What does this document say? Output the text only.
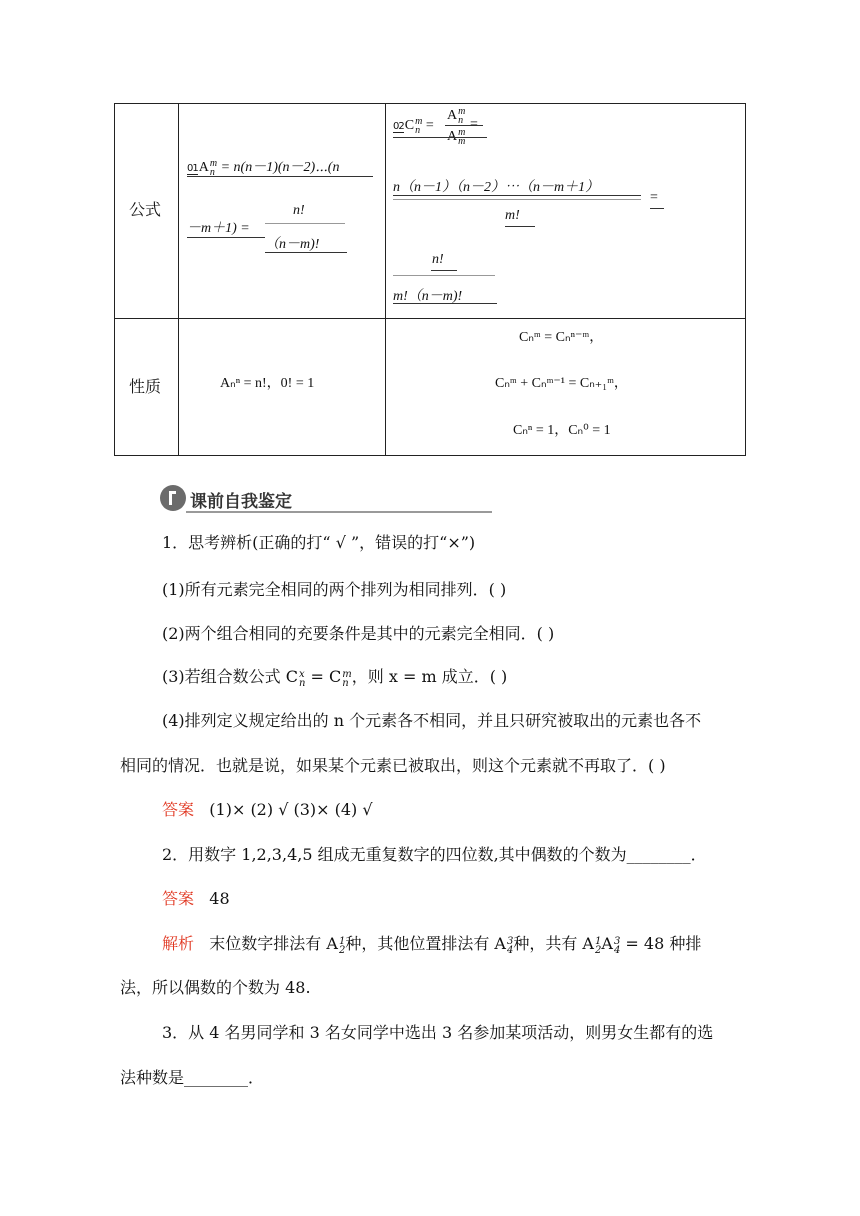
公式
性质
01A m
n = n(n－1)(n－2)⋯(n
－m＋1) =
n!
（n－m)!
02C m
n =
A m
n
A m
m
=
n（n－1）（n－2）⋯（n－m＋1）
=
m!
n!
m!（n－m)!
Aₙⁿ = n!，0! = 1
Cₙᵐ = Cₙⁿ⁻ᵐ，
Cₙᵐ + Cₙᵐ⁻¹ = Cₙ₊₁ᵐ，
Cₙⁿ = 1，Cₙ⁰ = 1
课前自我鉴定
1．思考辨析(正确的打“ √ ”，错误的打“×”)
(1)所有元素完全相同的两个排列为相同排列．( )
(2)两个组合相同的充要条件是其中的元素完全相同．( )
(3)若组合数公式 C x
n = C m
n ，则 x = m 成立．( )
(4)排列定义规定给出的 n 个元素各不相同，并且只研究被取出的元素也各不
相同的情况．也就是说，如果某个元素已被取出，则这个元素就不再取了．( )
答案 (1)× (2) √ (3)× (4) √
2．用数字 1,2,3,4,5 组成无重复数字的四位数,其中偶数的个数为________．
答案 48
解析 末位数字排法有 A 1
2 种，其他位置排法有 A 3
4 种，共有 A 1
2 A 3
4 = 48 种排
法，所以偶数的个数为 48.
3．从 4 名男同学和 3 名女同学中选出 3 名参加某项活动，则男女生都有的选
法种数是________．
